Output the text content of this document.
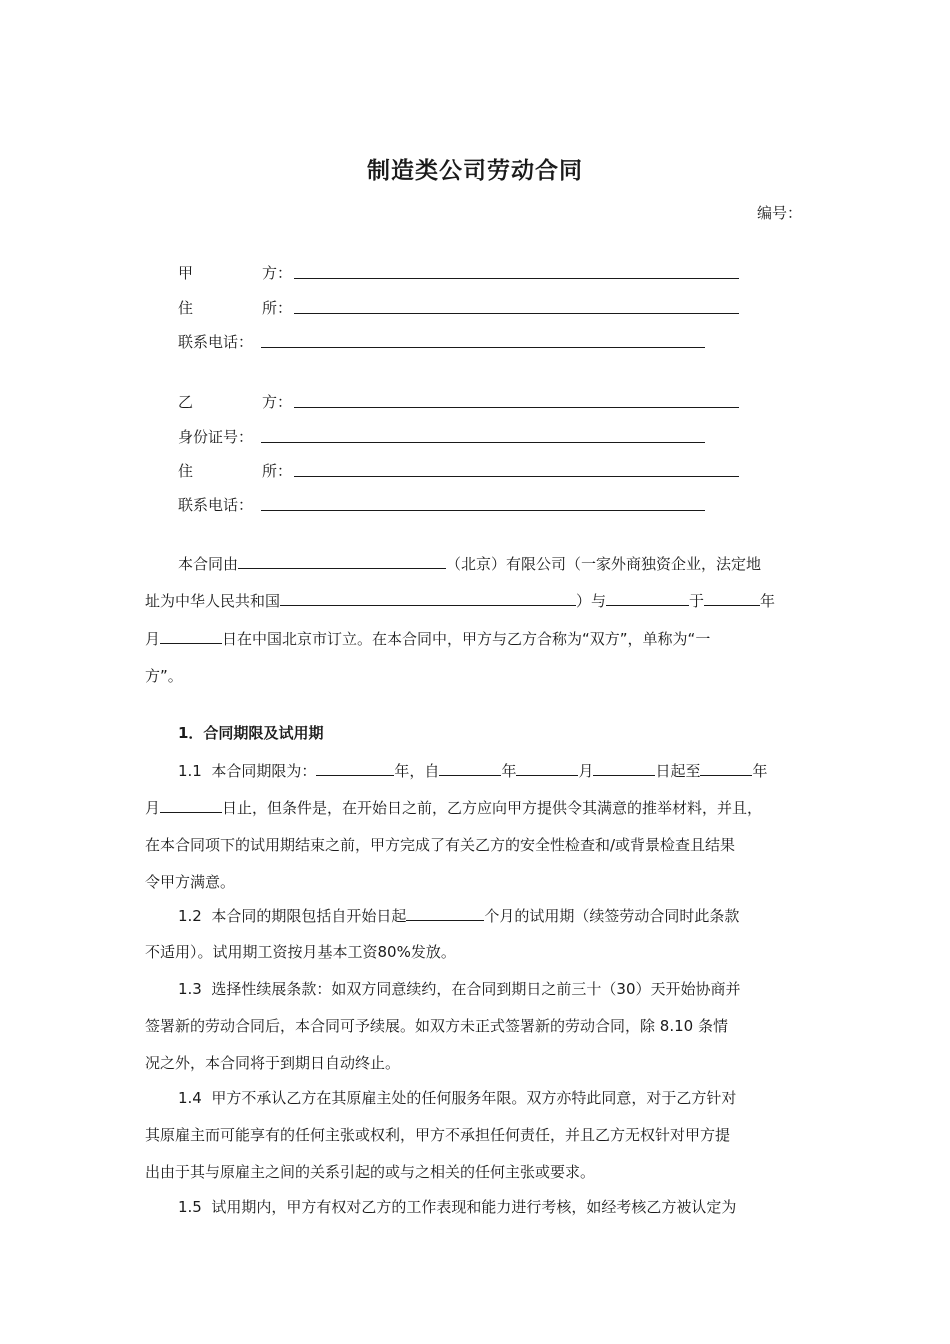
制造类公司劳动合同
编号：
甲	方：
住	所：
联系电话：
乙	方：
身份证号：
住	所：
联系电话：
本合同由	（北京）有限公司（一家外商独资企业，法定地
址为中华人民共和国	）与	于	年
月	日在中国北京市订立。在本合同中，甲方与乙方合称为“双方”，单称为“一
方”。
1．合同期限及试用期
1.1 本合同期限为：	年，自	年	月	日起至	年
月	日止，但条件是，在开始日之前，乙方应向甲方提供令其满意的推举材料，并且，
在本合同项下的试用期结束之前，甲方完成了有关乙方的安全性检查和/或背景检查且结果
令甲方满意。
1.2 本合同的期限包括自开始日起	个月的试用期（续签劳动合同时此条款
不适用）。试用期工资按月基本工资80%发放。
1.3 选择性续展条款：如双方同意续约，在合同到期日之前三十（30）天开始协商并
签署新的劳动合同后，本合同可予续展。如双方未正式签署新的劳动合同，除 8.10 条情
况之外，本合同将于到期日自动终止。
1.4 甲方不承认乙方在其原雇主处的任何服务年限。双方亦特此同意，对于乙方针对
其原雇主而可能享有的任何主张或权利，甲方不承担任何责任，并且乙方无权针对甲方提
出由于其与原雇主之间的关系引起的或与之相关的任何主张或要求。
1.5 试用期内，甲方有权对乙方的工作表现和能力进行考核，如经考核乙方被认定为
